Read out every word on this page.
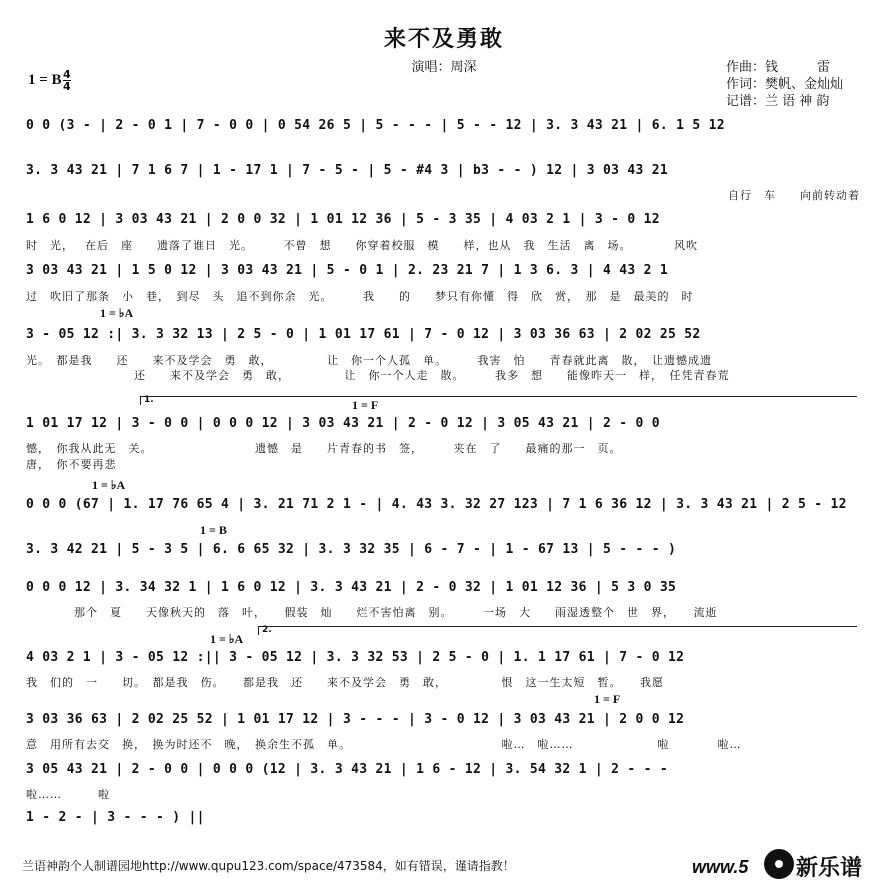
来不及勇敢
演唱：周深
1 = B 4
4
作曲：钱　　　雷
作词：樊帆、金灿灿
记谱：兰 语 神 韵
1 = ♭A
1.	1 = F
1 = ♭A
1 = B
1 = ♭A
2.
1 = F
0 0 (3 - | 2 - 0 1 | 7 - 0 0 | 0 54 26 5 | 5 - - - | 5 - - 12 | 3. 3 43 21 | 6. 1 5 12
3. 3 43 21 | 7 1 6 7 | 1 - 17 1 | 7 - 5 - | 5 - #4 3 | b3 - - ) 12 | 3 03 43 21
自行　车　　向前转动着
1 6 0 12 | 3 03 43 21 | 2 0 0 32 | 1 01 12 36 | 5 - 3 35 | 4 03 2 1 | 3 - 0 12
时　光，　 在后　座　　遗落了谁日　光。　　　不曾　想　　你穿着校服　模　　样，也从　我　生活　离　场。　　　　风吹
3 03 43 21 | 1 5 0 12 | 3 03 43 21 | 5 - 0 1 | 2. 23 21 7 | 1 3 6. 3 | 4 43 2 1
过　吹旧了那条　小　巷，　到尽　头　追不到你余　光。　　　我　　的　　梦只有你懂　得　欣　赏，　那　是　最美的　时
3 - 05 12 :| 3. 3 32 13 | 2 5 - 0 | 1 01 17 61 | 7 - 0 12 | 3 03 36 63 | 2 02 25 52
光。　都是我　　还　　来不及学会　勇　敢，　　　　　让　你一个人孤　单。　　　我害　怕　　青春就此离　散，　让遗憾成遗
　　　　　　　　　还　　来不及学会　勇　敢，　　　　　让　你一个人走　散。　　　我多　想　　能像昨天一　样，　任凭青春荒
1 01 17 12 | 3 - 0 0 | 0 0 0 12 | 3 03 43 21 | 2 - 0 12 | 3 05 43 21 | 2 - 0 0
憾，　你我从此无　关。　　　　　　　　　遗憾　是　　片青春的书　签，　　　夹在　了　　最痛的那一　页。
唐，　你不要再悲
0 0 0 (67 | 1. 17 76 65 4 | 3. 21 71 2 1 - | 4. 43 3. 32 27 123 | 7 1 6 36 12 | 3. 3 43 21 | 2 5 - 12
3. 3 42 21 | 5 - 3 5 | 6. 6 65 32 | 3. 3 32 35 | 6 - 7 - | 1 - 67 13 | 5 - - - )
0 0 0 12 | 3. 34 32 1 | 1 6 0 12 | 3. 3 43 21 | 2 - 0 32 | 1 01 12 36 | 5 3 0 35
　　　　那个　夏　　天像秋天的　落　叶，　　假装　灿　　烂不害怕离　别。　　　一场　大　　雨湿透整个　世　界，　　流逝
4 03 2 1 | 3 - 05 12 :|| 3 - 05 12 | 3. 3 32 53 | 2 5 - 0 | 1. 1 17 61 | 7 - 0 12
我　们的　一　　切。　都是我　伤。　　都是我　还　　来不及学会　勇　敢，　　　　　恨　这一生太短　暂。　　我愿
3 03 36 63 | 2 02 25 52 | 1 01 17 12 | 3 - - - | 3 - 0 12 | 3 03 43 21 | 2 0 0 12
意　用所有去交　换，　换为时还不　晚，　换余生不孤　单。　　　　　　　　　　　　　啦…　啦……　　　　　　　啦　　　　啦…
3 05 43 21 | 2 - 0 0 | 0 0 0 (12 | 3. 3 43 21 | 1 6 - 12 | 3. 54 32 1 | 2 - - -
啦……　　　啦
1 - 2 - | 3 - - - ) ||
兰语神韵个人制谱园地http://www.qupu123.com/space/473584，如有错误，谨请指教！	www.5 新乐谱
